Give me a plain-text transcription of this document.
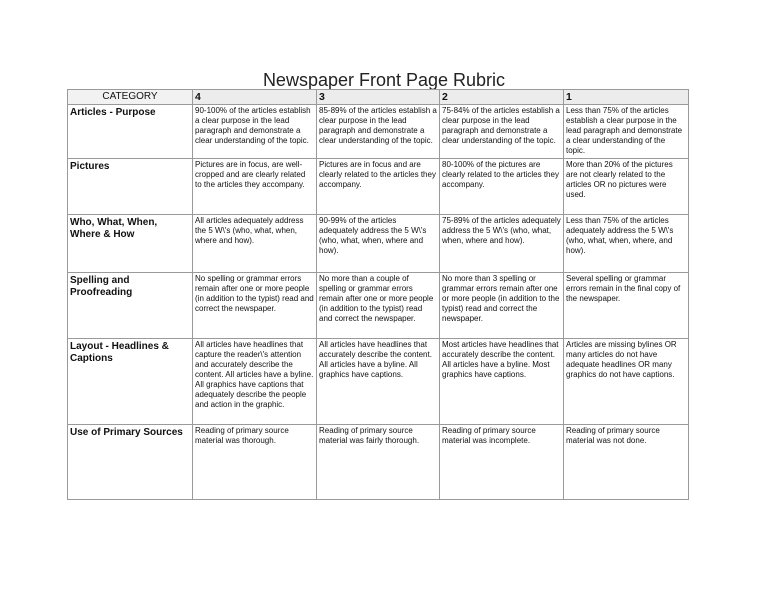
Newspaper Front Page Rubric
CATEGORY	4	3	2	1
Articles - Purpose	90-100% of the articles establish a clear purpose in the lead paragraph and demonstrate a clear understanding of the topic.	85-89% of the articles establish a clear purpose in the lead paragraph and demonstrate a clear understanding of the topic.	75-84% of the articles establish a clear purpose in the lead paragraph and demonstrate a clear understanding of the topic.	Less than 75% of the articles establish a clear purpose in the lead paragraph and demonstrate a clear understanding of the topic.
Pictures	Pictures are in focus, are well-cropped and are clearly related to the articles they accompany.	Pictures are in focus and are clearly related to the articles they accompany.	80-100% of the pictures are clearly related to the articles they accompany.	More than 20% of the pictures are not clearly related to the articles OR no pictures were used.
Who, What, When, Where & How	All articles adequately address the 5 W\'s (who, what, when, where and how).	90-99% of the articles adequately address the 5 W\'s (who, what, when, where and how).	75-89% of the articles adequately address the 5 W\'s (who, what, when, where and how).	Less than 75% of the articles adequately address the 5 W\'s (who, what, when, where, and how).
Spelling and Proofreading	No spelling or grammar errors remain after one or more people (in addition to the typist) read and correct the newspaper.	No more than a couple of spelling or grammar errors remain after one or more people (in addition to the typist) read and correct the newspaper.	No more than 3 spelling or grammar errors remain after one or more people (in addition to the typist) read and correct the newspaper.	Several spelling or grammar errors remain in the final copy of the newspaper.
Layout - Headlines & Captions	All articles have headlines that capture the reader\'s attention and accurately describe the content. All articles have a byline. All graphics have captions that adequately describe the people and action in the graphic.	All articles have headlines that accurately describe the content. All articles have a byline. All graphics have captions.	Most articles have headlines that accurately describe the content. All articles have a byline. Most graphics have captions.	Articles are missing bylines OR many articles do not have adequate headlines OR many graphics do not have captions.
Use of Primary Sources	Reading of primary source material was thorough.	Reading of primary source material was fairly thorough.	Reading of primary source material was incomplete.	Reading of primary source material was not done.
